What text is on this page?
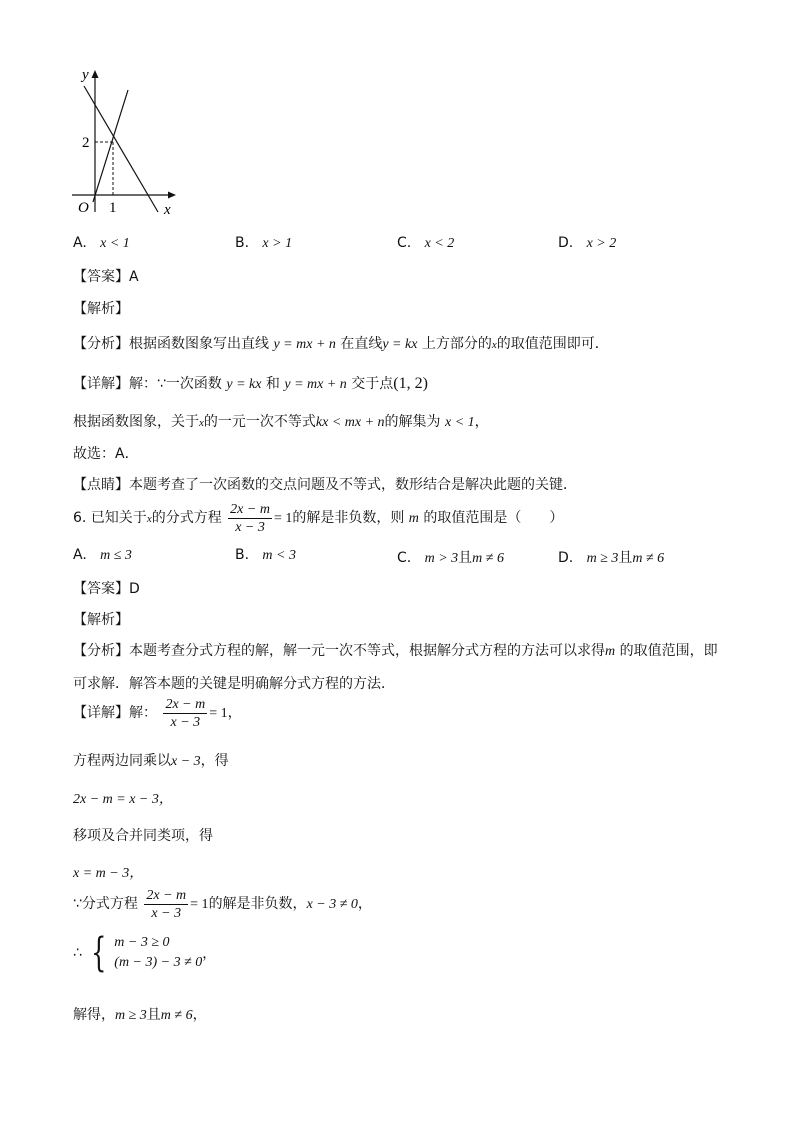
y
x
O
2
1
A. x < 1	B. x > 1	C. x < 2	D. x > 2
【答案】A
【解析】
【分析】根据函数图象写出直线 y = mx + n 在直线y = kx 上方部分的x的取值范围即可．
【详解】解：∵一次函数 y = kx 和 y = mx + n 交于点(1, 2)
根据函数图象，关于x的一元一次不等式kx < mx + n的解集为 x < 1，
故选：A．
【点睛】本题考查了一次函数的交点问题及不等式，数形结合是解决此题的关键．
6. 已知关于x的分式方程 $\frac{2x - m}{x - 3} = 1$的解是非负数，则 m 的取值范围是（　　）
A. m ≤ 3	B. m < 3	C. m > 3且m ≠ 6	D. m ≥ 3且m ≠ 6
【答案】D
【解析】
【分析】本题考查分式方程的解，解一元一次不等式，根据解分式方程的方法可以求得m 的取值范围，即
可求解．解答本题的关键是明确解分式方程的方法．
【详解】解： $\frac{2x - m}{x - 3} = 1$，
方程两边同乘以x − 3，得
2x − m = x − 3，
移项及合并同类项，得
x = m − 3，
∵分式方程 $\frac{2x - m}{x - 3} = 1$的解是非负数，x − 3 ≠ 0，
∴ { m − 3 ≥ 0
(m − 3) − 3 ≠ 0
，
解得，m ≥ 3且m ≠ 6，
